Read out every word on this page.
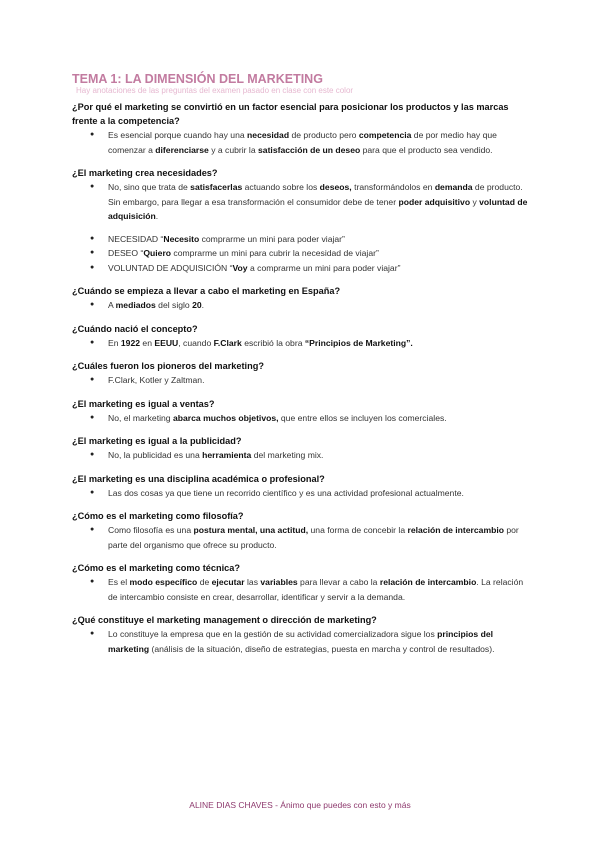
TEMA 1: LA DIMENSIÓN DEL MARKETING

Hay anotaciones de las preguntas del examen pasado en clase con este color

¿Por qué el marketing se convirtió en un factor esencial para posicionar los productos y las marcas frente a la competencia?

● Es esencial porque cuando hay una necesidad de producto pero competencia de por medio hay que comenzar a diferenciarse y a cubrir la satisfacción de un deseo para que el producto sea vendido.

¿El marketing crea necesidades?

● No, sino que trata de satisfacerlas actuando sobre los deseos, transformándolos en demanda de producto. Sin embargo, para llegar a esa transformación el consumidor debe de tener poder adquisitivo y voluntad de adquisición.
● NECESIDAD “Necesito comprarme un mini para poder viajar”
● DESEO “Quiero comprarme un mini para cubrir la necesidad de viajar”
● VOLUNTAD DE ADQUISICIÓN “Voy a comprarme un mini para poder viajar”

¿Cuándo se empieza a llevar a cabo el marketing en España?

● A mediados del siglo 20.

¿Cuándo nació el concepto?

● En 1922 en EEUU, cuando F.Clark escribió la obra “Principios de Marketing”.

¿Cuáles fueron los pioneros del marketing?

● F.Clark, Kotler y Zaltman.

¿El marketing es igual a ventas?

● No, el marketing abarca muchos objetivos, que entre ellos se incluyen los comerciales.

¿El marketing es igual a la publicidad?

● No, la publicidad es una herramienta del marketing mix.

¿El marketing es una disciplina académica o profesional?

● Las dos cosas ya que tiene un recorrido científico y es una actividad profesional actualmente.

¿Cómo es el marketing como filosofía?

● Como filosofía es una postura mental, una actitud, una forma de concebir la relación de intercambio por parte del organismo que ofrece su producto.

¿Cómo es el marketing como técnica?

● Es el modo específico de ejecutar las variables para llevar a cabo la relación de intercambio. La relación de intercambio consiste en crear, desarrollar, identificar y servir a la demanda.

¿Qué constituye el marketing management o dirección de marketing?

● Lo constituye la empresa que en la gestión de su actividad comercializadora sigue los principios del marketing (análisis de la situación, diseño de estrategias, puesta en marcha y control de resultados).
ALINE DIAS CHAVES - Ánimo que puedes con esto y más
